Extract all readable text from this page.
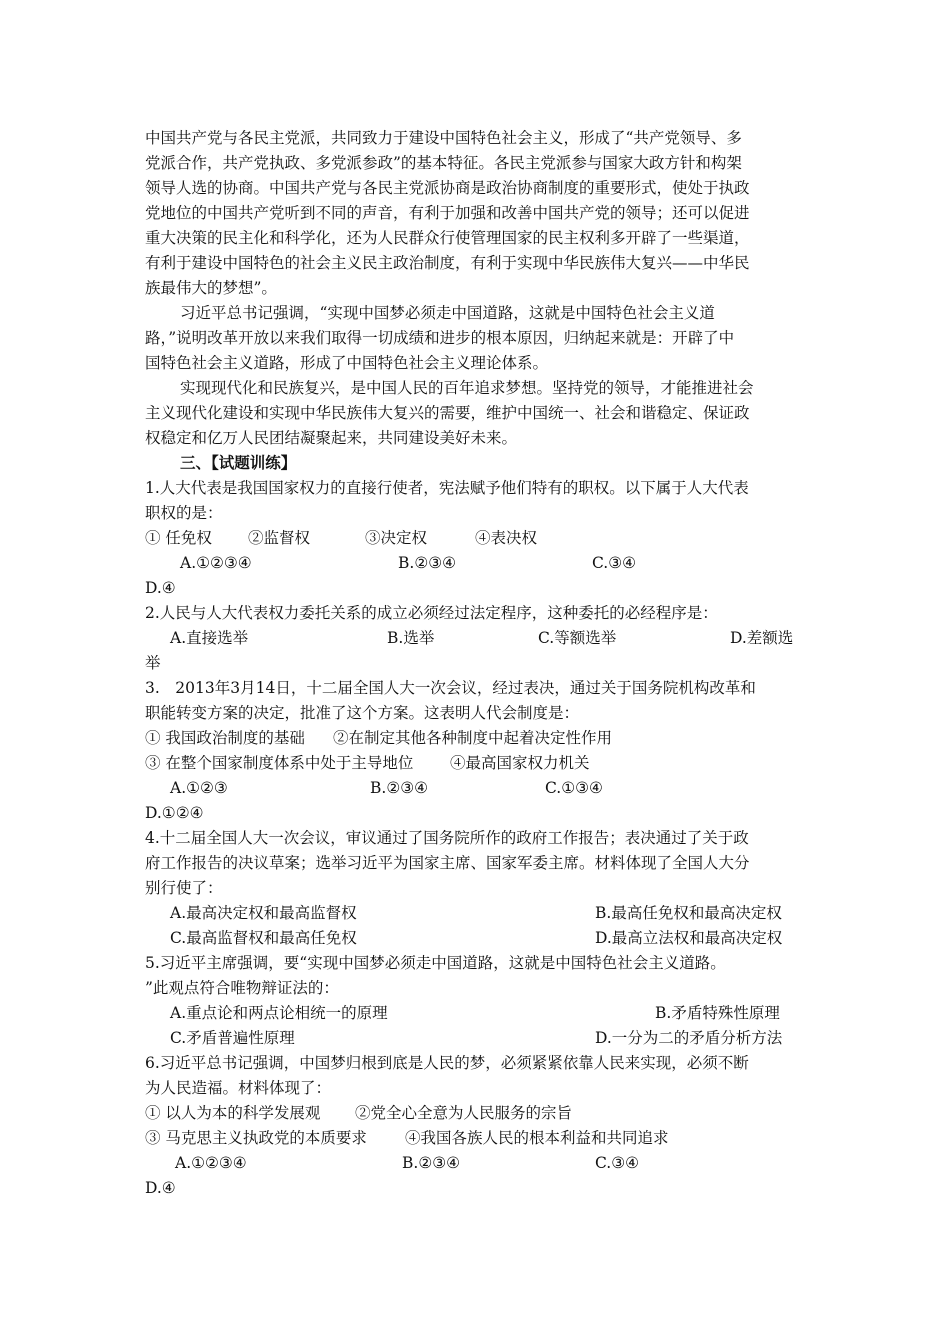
中国共产党与各民主党派，共同致力于建设中国特色社会主义，形成了“共产党领导、多
党派合作，共产党执政、多党派参政”的基本特征。各民主党派参与国家大政方针和构架
领导人选的协商。中国共产党与各民主党派协商是政治协商制度的重要形式，使处于执政
党地位的中国共产党听到不同的声音，有利于加强和改善中国共产党的领导；还可以促进
重大决策的民主化和科学化，还为人民群众行使管理国家的民主权利多开辟了一些渠道，
有利于建设中国特色的社会主义民主政治制度，有利于实现中华民族伟大复兴——中华民
族最伟大的梦想”。
习近平总书记强调，“实现中国梦必须走中国道路，这就是中国特色社会主义道
路，”说明改革开放以来我们取得一切成绩和进步的根本原因，归纳起来就是：开辟了中
国特色社会主义道路，形成了中国特色社会主义理论体系。
实现现代化和民族复兴，是中国人民的百年追求梦想。坚持党的领导，才能推进社会
主义现代化建设和实现中华民族伟大复兴的需要，维护中国统一、社会和谐稳定、保证政
权稳定和亿万人民团结凝聚起来，共同建设美好未来。
三、【试题训练】
1.人大代表是我国国家权力的直接行使者，宪法赋予他们特有的职权。以下属于人大代表
职权的是：
① 任免权 ②监督权	③决定权	④表决权
A.①②③④	B.②③④	C.③④
D.④
2.人民与人大代表权力委托关系的成立必须经过法定程序，这种委托的必经程序是：
A.直接选举	B.选举	C.等额选举	D.差额选
举
3.　2013年3月14日，十二届全国人大一次会议，经过表决，通过关于国务院机构改革和
职能转变方案的决定，批准了这个方案。这表明人代会制度是：
① 我国政治制度的基础 ②在制定其他各种制度中起着决定性作用
③ 在整个国家制度体系中处于主导地位 ④最高国家权力机关
A.①②③	B.②③④	C.①③④
D.①②④
4.十二届全国人大一次会议，审议通过了国务院所作的政府工作报告；表决通过了关于政
府工作报告的决议草案；选举习近平为国家主席、国家军委主席。材料体现了全国人大分
别行使了：
A.最高决定权和最高监督权	B.最高任免权和最高决定权
C.最高监督权和最高任免权	D.最高立法权和最高决定权
5.习近平主席强调，要“实现中国梦必须走中国道路，这就是中国特色社会主义道路。
”此观点符合唯物辩证法的：
A.重点论和两点论相统一的原理	B.矛盾特殊性原理
C.矛盾普遍性原理	D.一分为二的矛盾分析方法
6.习近平总书记强调，中国梦归根到底是人民的梦，必须紧紧依靠人民来实现，必须不断
为人民造福。材料体现了：
① 以人为本的科学发展观 ②党全心全意为人民服务的宗旨
③ 马克思主义执政党的本质要求 ④我国各族人民的根本利益和共同追求
A.①②③④	B.②③④	C.③④
D.④
